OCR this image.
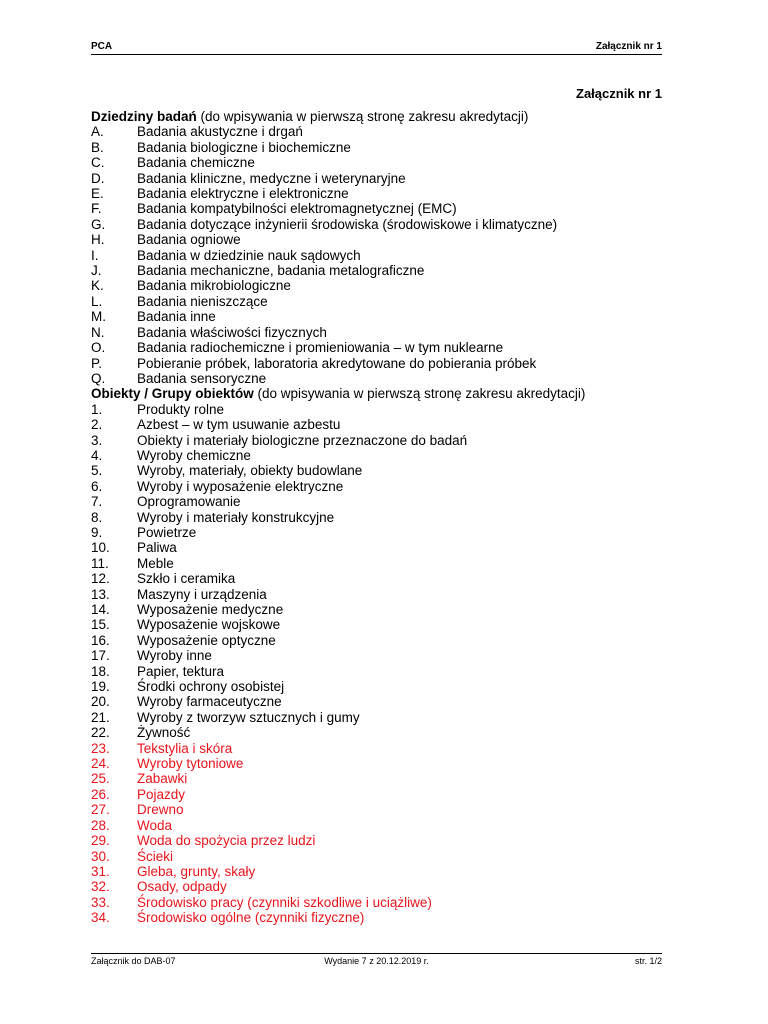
PCA	Załącznik nr 1
Załącznik nr 1
Dziedziny badań (do wpisywania w pierwszą stronę zakresu akredytacji)
A.	Badania akustyczne i drgań
B.	Badania biologiczne i biochemiczne
C.	Badania chemiczne
D.	Badania kliniczne, medyczne i weterynaryjne
E.	Badania elektryczne i elektroniczne
F.	Badania kompatybilności elektromagnetycznej (EMC)
G.	Badania dotyczące inżynierii środowiska (środowiskowe i klimatyczne)
H.	Badania ogniowe
I.	Badania w dziedzinie nauk sądowych
J.	Badania mechaniczne, badania metalograficzne
K.	Badania mikrobiologiczne
L.	Badania nieniszczące
M.	Badania inne
N.	Badania właściwości fizycznych
O.	Badania radiochemiczne i promieniowania – w tym nuklearne
P.	Pobieranie próbek, laboratoria akredytowane do pobierania próbek
Q.	Badania sensoryczne
Obiekty / Grupy obiektów (do wpisywania w pierwszą stronę zakresu akredytacji)
1.	Produkty rolne
2.	Azbest – w tym usuwanie azbestu
3.	Obiekty i materiały biologiczne przeznaczone do badań
4.	Wyroby chemiczne
5.	Wyroby, materiały, obiekty budowlane
6.	Wyroby i wyposażenie elektryczne
7.	Oprogramowanie
8.	Wyroby i materiały konstrukcyjne
9.	Powietrze
10.	Paliwa
11.	Meble
12.	Szkło i ceramika
13.	Maszyny i urządzenia
14.	Wyposażenie medyczne
15.	Wyposażenie wojskowe
16.	Wyposażenie optyczne
17.	Wyroby inne
18.	Papier, tektura
19.	Środki ochrony osobistej
20.	Wyroby farmaceutyczne
21.	Wyroby z tworzyw sztucznych i gumy
22.	Żywność
23.	Tekstylia i skóra
24.	Wyroby tytoniowe
25.	Zabawki
26.	Pojazdy
27.	Drewno
28.	Woda
29.	Woda do spożycia przez ludzi
30.	Ścieki
31.	Gleba, grunty, skały
32.	Osady, odpady
33.	Środowisko pracy (czynniki szkodliwe i uciążliwe)
34.	Środowisko ogólne (czynniki fizyczne)
Załącznik do DAB-07	Wydanie 7 z 20.12.2019 r.	str. 1/2
